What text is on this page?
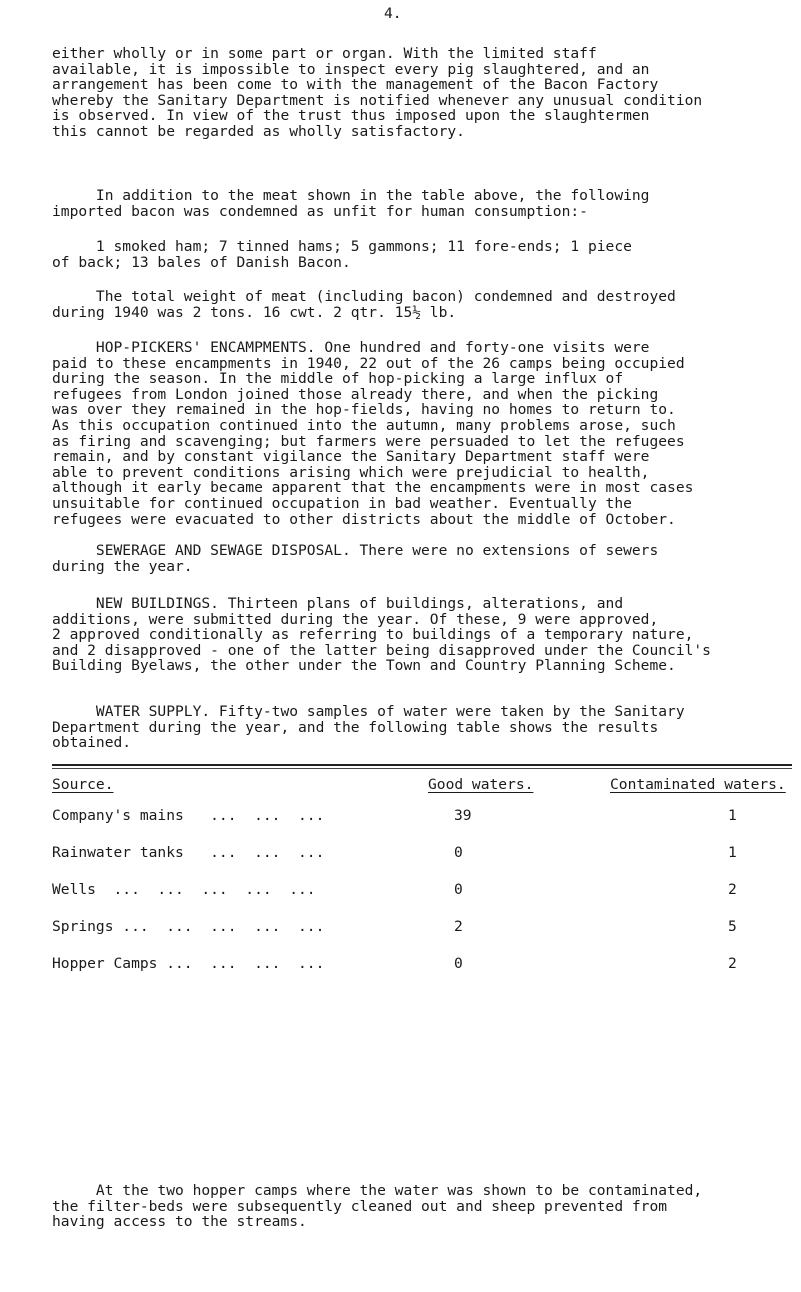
4.

either wholly or in some part or organ. With the limited staff
available, it is impossible to inspect every pig slaughtered, and an
arrangement has been come to with the management of the Bacon Factory
whereby the Sanitary Department is notified whenever any unusual condition
is observed. In view of the trust thus imposed upon the slaughtermen
this cannot be regarded as wholly satisfactory.

In addition to the meat shown in the table above, the following
imported bacon was condemned as unfit for human consumption:-

1 smoked ham; 7 tinned hams; 5 gammons; 11 fore-ends; 1 piece
of back; 13 bales of Danish Bacon.

The total weight of meat (including bacon) condemned and destroyed
during 1940 was 2 tons. 16 cwt. 2 qtr. 15½ lb.

HOP-PICKERS' ENCAMPMENTS. One hundred and forty-one visits were
paid to these encampments in 1940, 22 out of the 26 camps being occupied
during the season. In the middle of hop-picking a large influx of
refugees from London joined those already there, and when the picking
was over they remained in the hop-fields, having no homes to return to.
As this occupation continued into the autumn, many problems arose, such
as firing and scavenging; but farmers were persuaded to let the refugees
remain, and by constant vigilance the Sanitary Department staff were
able to prevent conditions arising which were prejudicial to health,
although it early became apparent that the encampments were in most cases
unsuitable for continued occupation in bad weather. Eventually the
refugees were evacuated to other districts about the middle of October.

SEWERAGE AND SEWAGE DISPOSAL. There were no extensions of sewers
during the year.

NEW BUILDINGS. Thirteen plans of buildings, alterations, and
additions, were submitted during the year. Of these, 9 were approved,
2 approved conditionally as referring to buildings of a temporary nature,
and 2 disapproved - one of the latter being disapproved under the Council's
Building Byelaws, the other under the Town and Country Planning Scheme.

WATER SUPPLY. Fifty-two samples of water were taken by the Sanitary
Department during the year, and the following table shows the results
obtained.

Source.	Good waters.	Contaminated waters.
Company's mains   ...  ...  ...	39	1
Rainwater tanks   ...  ...  ...	0	1
Wells  ...  ...  ...  ...  ...	0	2
Springs ...  ...  ...  ...  ...	2	5
Hopper Camps ...  ...  ...  ...	0	2

At the two hopper camps where the water was shown to be contaminated,
the filter-beds were subsequently cleaned out and sheep prevented from
having access to the streams.
